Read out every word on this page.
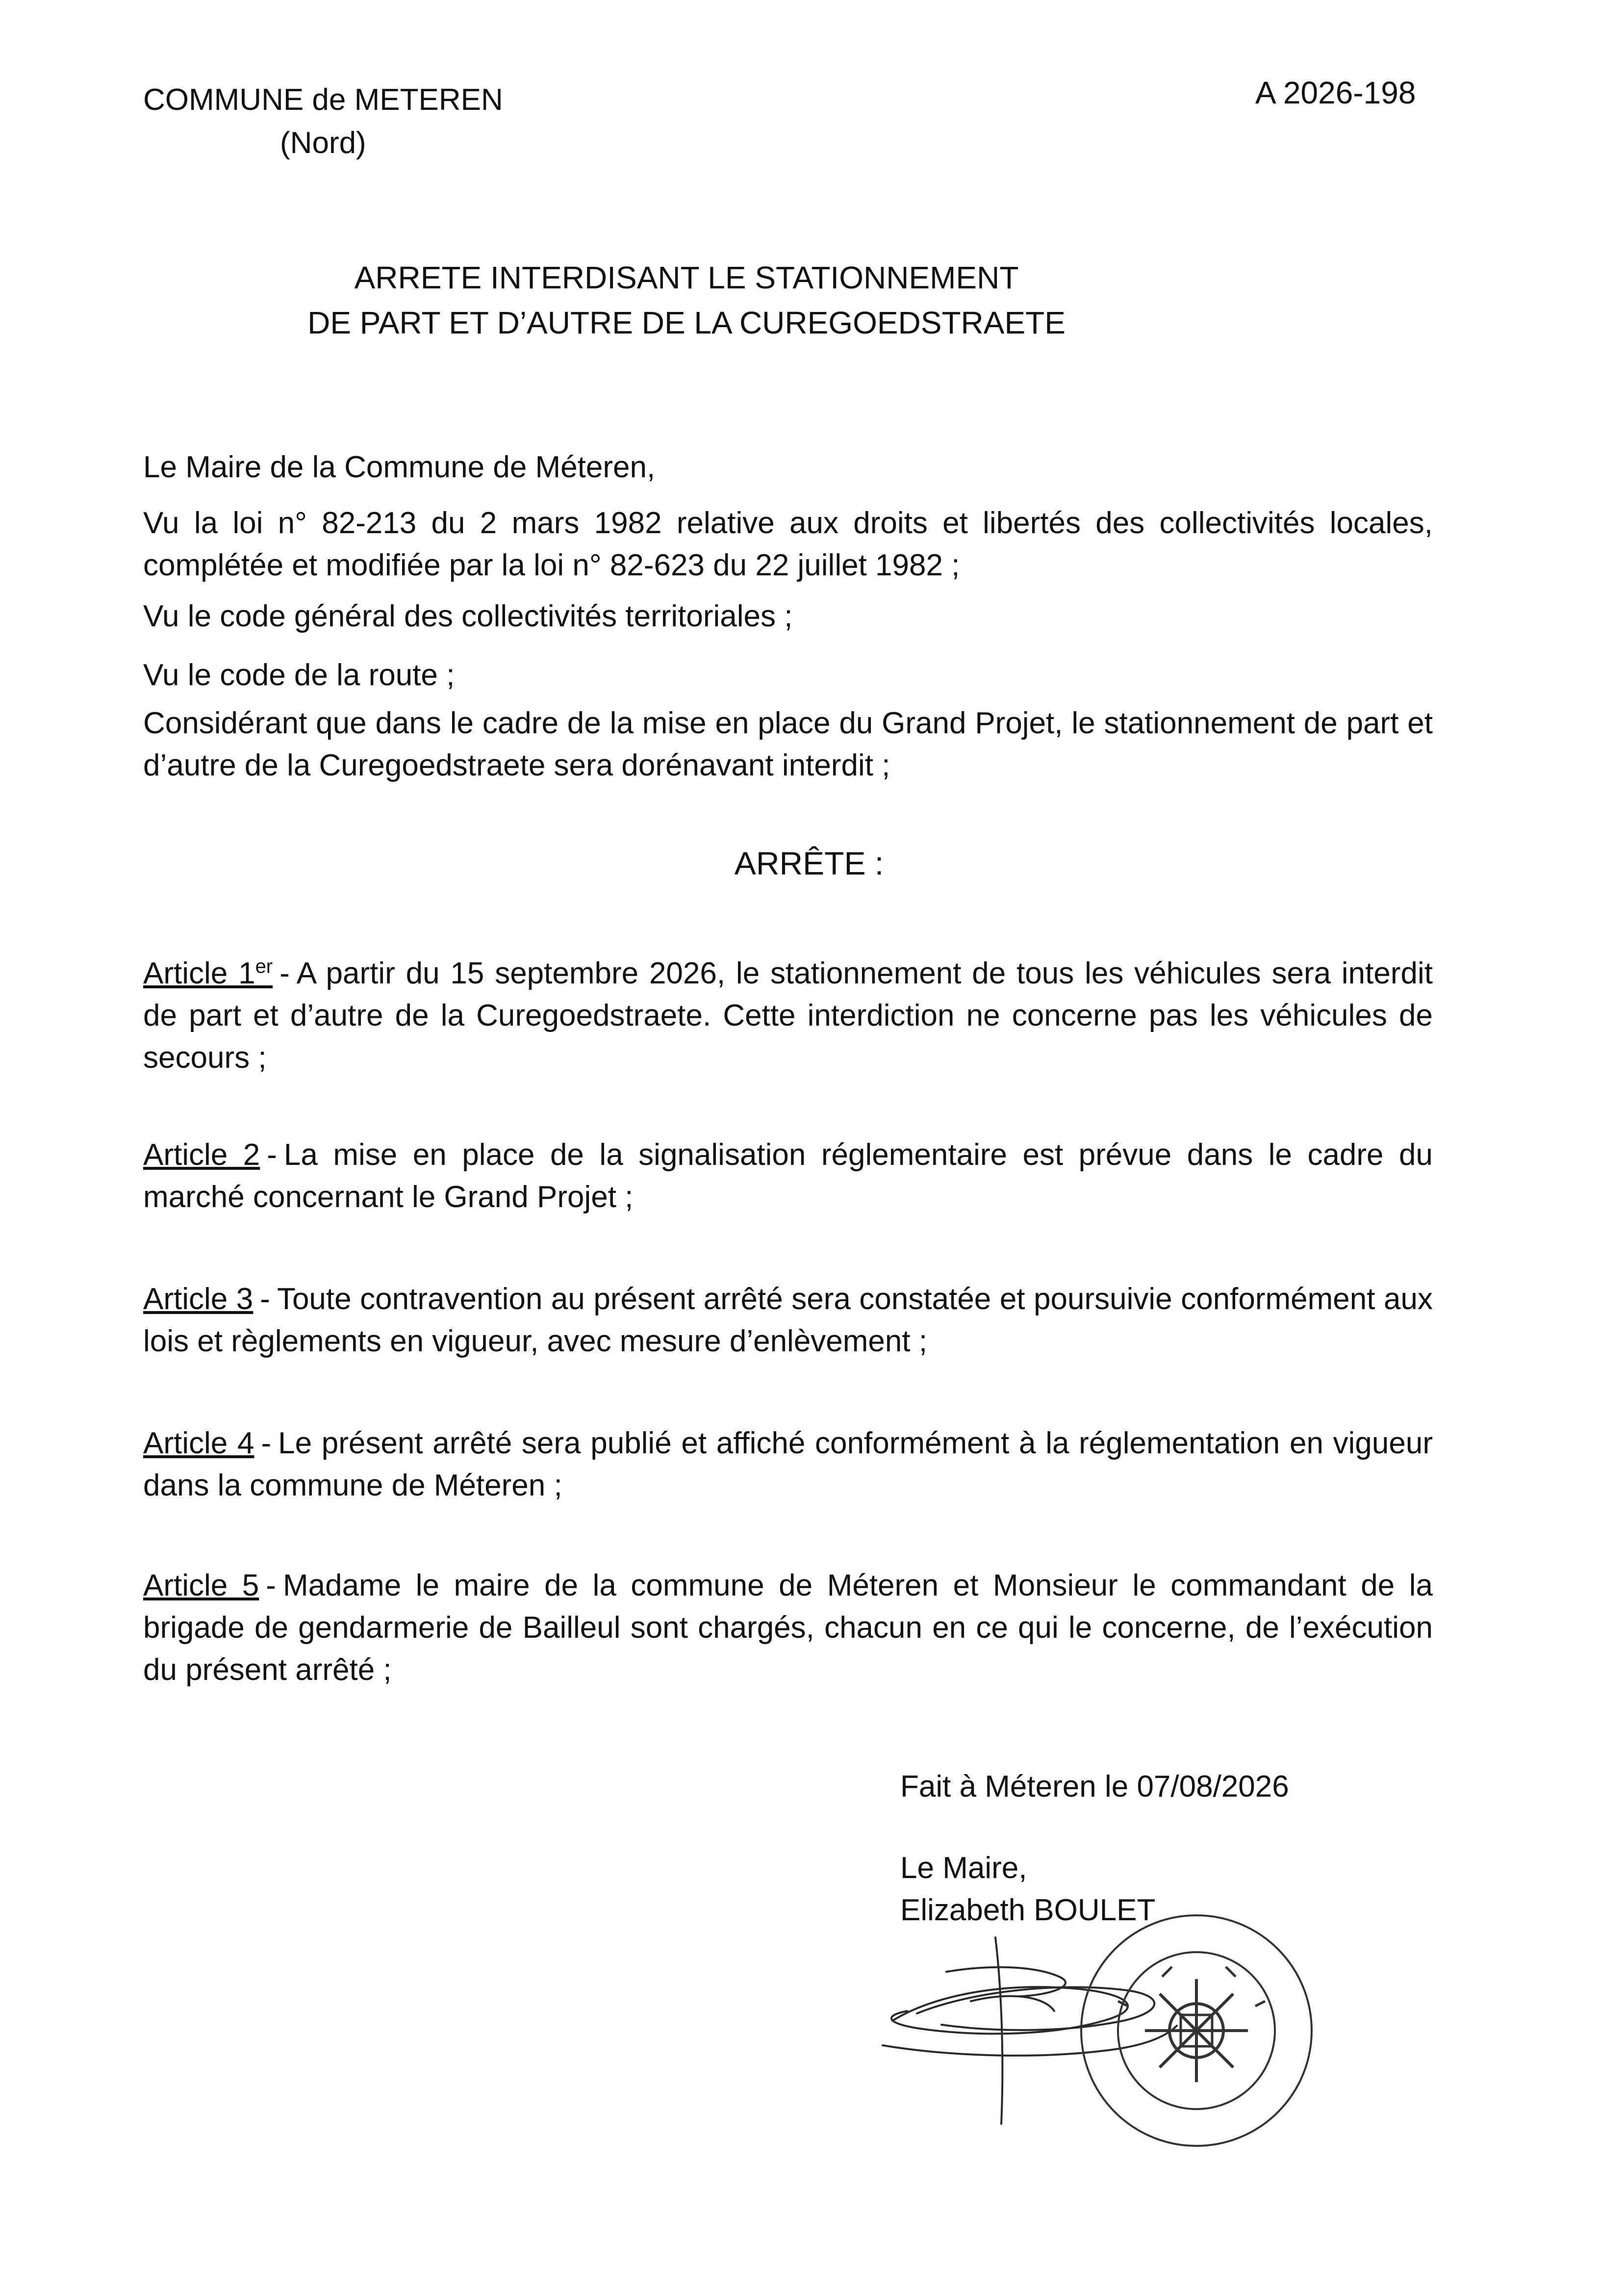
COMMUNE de METEREN
(Nord)
A 2026-198
ARRETE INTERDISANT LE STATIONNEMENT
DE PART ET D’AUTRE DE LA CUREGOEDSTRAETE
Le Maire de la Commune de Méteren,
Vu la loi n° 82-213 du 2 mars 1982 relative aux droits et libertés des collectivités locales, complétée et modifiée par la loi n° 82-623 du 22 juillet 1982 ;
Vu le code général des collectivités territoriales ;
Vu le code de la route ;
Considérant que dans le cadre de la mise en place du Grand Projet, le stationnement de part et d’autre de la Curegoedstraete sera dorénavant interdit ;
ARRÊTE :
Article 1er - A partir du 15 septembre 2026, le stationnement de tous les véhicules sera interdit de part et d’autre de la Curegoedstraete. Cette interdiction ne concerne pas les véhicules de secours ;
Article 2 - La mise en place de la signalisation réglementaire est prévue dans le cadre du marché concernant le Grand Projet ;
Article 3 - Toute contravention au présent arrêté sera constatée et poursuivie conformément aux lois et règlements en vigueur, avec mesure d’enlèvement ;
Article 4 - Le présent arrêté sera publié et affiché conformément à la réglementation en vigueur dans la commune de Méteren ;
Article 5 - Madame le maire de la commune de Méteren et Monsieur le commandant de la brigade de gendarmerie de Bailleul sont chargés, chacun en ce qui le concerne, de l’exécution du présent arrêté ;
Fait à Méteren le 07/08/2026
Le Maire,
Elizabeth BOULET
